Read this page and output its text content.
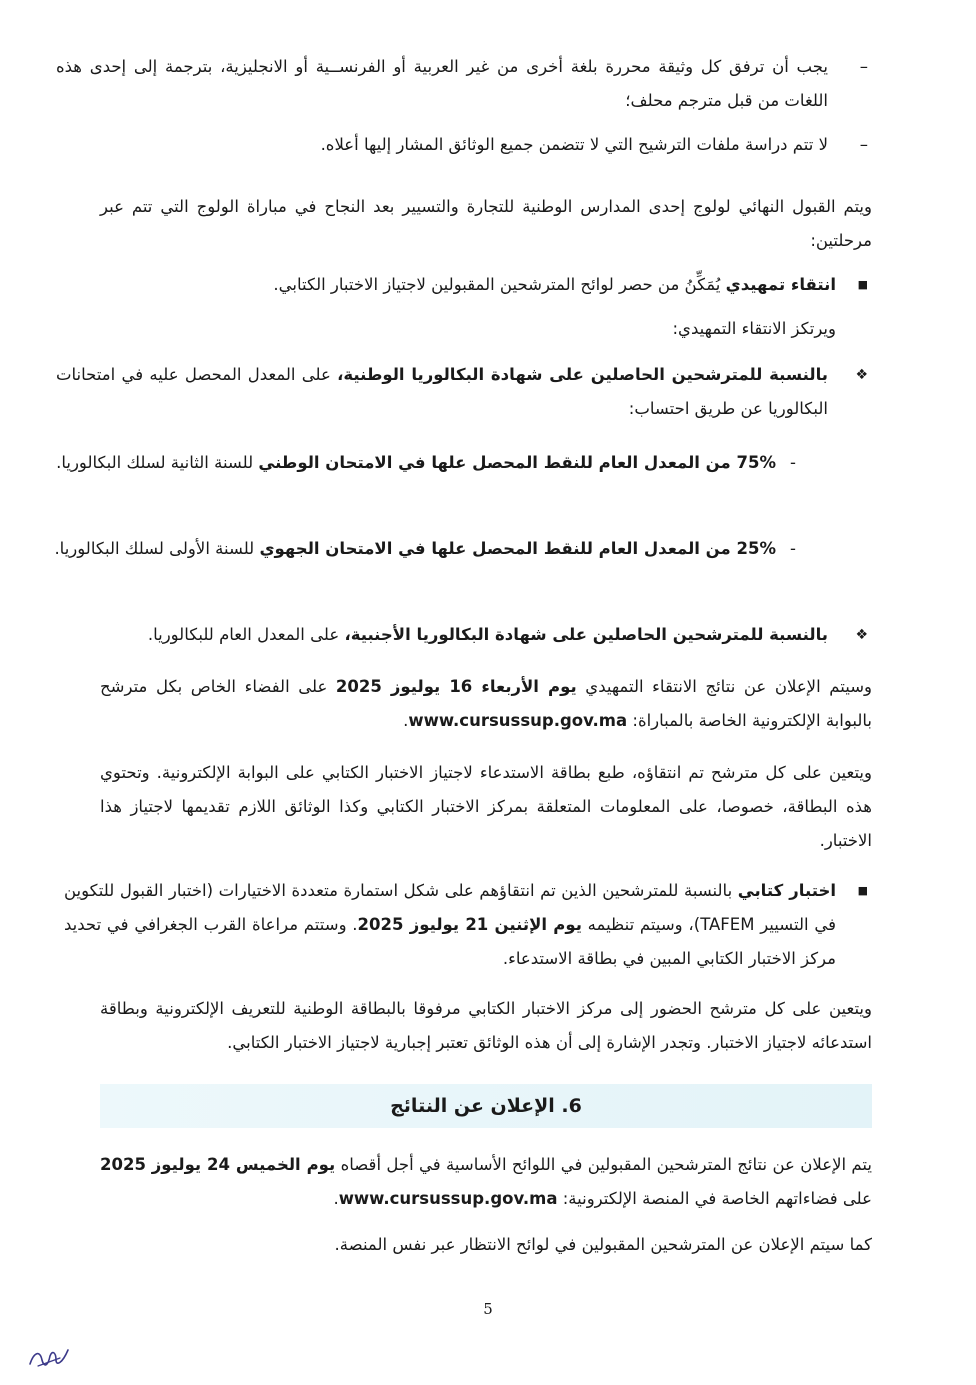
– يجب أن ترفق كل وثيقة محررة بلغة أخرى من غير العربية أو الفرنســية أو الانجليزية، بترجمة إلى إحدى هذه اللغات من قبل مترجم محلف؛
– لا تتم دراسة ملفات الترشيح التي لا تتضمن جميع الوثائق المشار إليها أعلاه.
ويتم القبول النهائي لولوج إحدى المدارس الوطنية للتجارة والتسيير بعد النجاح في مباراة الولوج التي تتم عبر مرحلتين:
■ انتقاء تمهيدي يُمَكِّنُ من حصر لوائح المترشحين المقبولين لاجتياز الاختبار الكتابي.
ويرتكز الانتقاء التمهيدي:
❖ بالنسبة للمترشحين الحاصلين على شهادة البكالوريا الوطنية، على المعدل المحصل عليه في امتحانات البكالوريا عن طريق احتساب:
- 75% من المعدل العام للنقط المحصل علها في الامتحان الوطني للسنة الثانية لسلك البكالوريا.
- 25% من المعدل العام للنقط المحصل علها في الامتحان الجهوي للسنة الأولى لسلك البكالوريا.
❖ بالنسبة للمترشحين الحاصلين على شهادة البكالوريا الأجنبية، على المعدل العام للبكالوريا.
وسيتم الإعلان عن نتائج الانتقاء التمهيدي يوم الأربعاء 16 يوليوز 2025 على الفضاء الخاص بكل مترشح بالبوابة الإلكترونية الخاصة بالمباراة: www.cursussup.gov.ma.
ويتعين على كل مترشح تم انتقاؤه، طبع بطاقة الاستدعاء لاجتياز الاختبار الكتابي على البوابة الإلكترونية. وتحتوي هذه البطاقة، خصوصا، على المعلومات المتعلقة بمركز الاختبار الكتابي وكذا الوثائق اللازم تقديمها لاجتياز هذا الاختبار.
■ اختبار كتابي بالنسبة للمترشحين الذين تم انتقاؤهم على شكل استمارة متعددة الاختيارات (اختبار القبول للتكوين في التسيير TAFEM)، وسيتم تنظيمه يوم الإثنين 21 يوليوز 2025. وستتم مراعاة القرب الجغرافي في تحديد مركز الاختبار الكتابي المبين في بطاقة الاستدعاء.
ويتعين على كل مترشح الحضور إلى مركز الاختبار الكتابي مرفوقا بالبطاقة الوطنية للتعريف الإلكترونية وبطاقة استدعائه لاجتياز الاختبار. وتجدر الإشارة إلى أن هذه الوثائق تعتبر إجبارية لاجتياز الاختبار الكتابي.
6. الإعلان عن النتائج
يتم الإعلان عن نتائج المترشحين المقبولين في اللوائح الأساسية في أجل أقصاه يوم الخميس 24 يوليوز 2025 على فضاءاتهم الخاصة في المنصة الإلكترونية: www.cursussup.gov.ma.
كما سيتم الإعلان عن المترشحين المقبولين في لوائح الانتظار عبر نفس المنصة.
5
